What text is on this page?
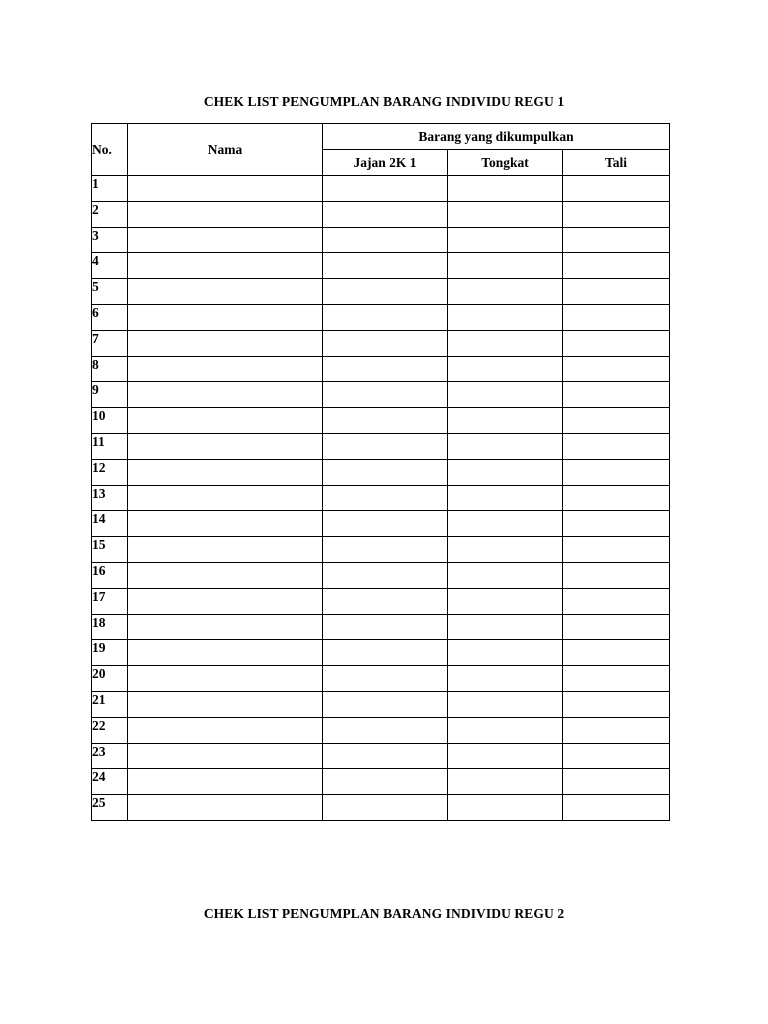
CHEK LIST PENGUMPLAN BARANG INDIVIDU REGU 1
No.	Nama	Barang yang dikumpulkan		
		Jajan 2K 1	Tongkat	Tali
1				
2				
3				
4				
5				
6				
7				
8				
9				
10				
11				
12				
13				
14				
15				
16				
17				
18				
19				
20				
21				
22				
23				
24				
25				
CHEK LIST PENGUMPLAN BARANG INDIVIDU REGU 2
